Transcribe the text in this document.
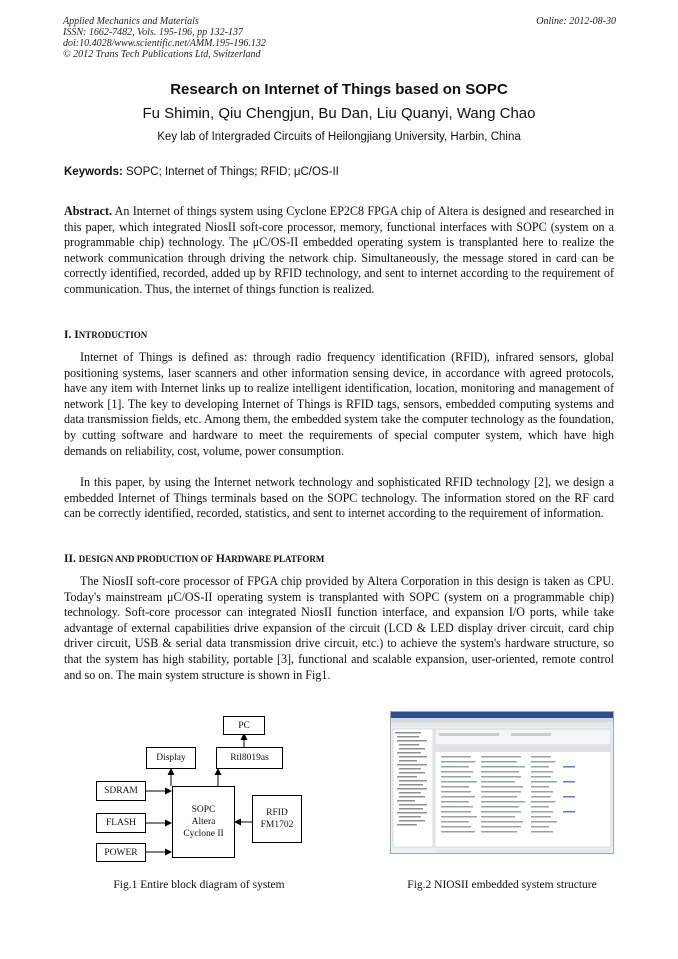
Applied Mechanics and Materials
ISSN: 1662-7482, Vols. 195-196, pp 132-137
doi:10.4028/www.scientific.net/AMM.195-196.132
© 2012 Trans Tech Publications Ltd, Switzerland
Online: 2012-08-30
Research on Internet of Things based on SOPC
Fu Shimin, Qiu Chengjun, Bu Dan, Liu Quanyi, Wang Chao
Key lab of Intergraded Circuits of Heilongjiang University, Harbin, China
Keywords: SOPC; Internet of Things; RFID; μC/OS-II

Abstract. An Internet of things system using Cyclone EP2C8 FPGA chip of Altera is designed and researched in this paper, which integrated NiosII soft-core processor, memory, functional interfaces with SOPC (system on a programmable chip) technology. The μC/OS-II embedded operating system is transplanted here to realize the network communication through driving the network chip. Simultaneously, the message stored in card can be correctly identified, recorded, added up by RFID technology, and sent to internet according to the requirement of communication. Thus, the internet of things function is realized.

I. INTRODUCTION

Internet of Things is defined as: through radio frequency identification (RFID), infrared sensors, global positioning systems, laser scanners and other information sensing device, in accordance with agreed protocols, have any item with Internet links up to realize intelligent identification, location, monitoring and management of network [1]. The key to developing Internet of Things is RFID tags, sensors, embedded computing systems and data transmission fields, etc. Among them, the embedded system take the computer technology as the foundation, by cutting software and hardware to meet the requirements of special computer system, which have high demands on reliability, cost, volume, power consumption.

In this paper, by using the Internet network technology and sophisticated RFID technology [2], we design a embedded Internet of Things terminals based on the SOPC technology. The information stored on the RF card can be correctly identified, recorded, statistics, and sent to internet according to the requirement of information.

II. DESIGN AND PRODUCTION OF HARDWARE PLATFORM

The NiosII soft-core processor of FPGA chip provided by Altera Corporation in this design is taken as CPU. Today's mainstream μC/OS-II operating system is transplanted with SOPC (system on a programmable chip) technology. Soft-core processor can integrated NiosII function interface, and expansion I/O ports, while take advantage of external capabilities drive expansion of the circuit (LCD & LED display driver circuit, card chip driver circuit, USB & serial data transmission drive circuit, etc.) to achieve the system's hardware structure, so that the system has high stability, portable [3], functional and scalable expansion, user-oriented, remote control and so on. The main system structure is shown in Fig1.

PC
Display	Rtl8019as
SDRAM
FLASH
POWER
SOPC
Altera
Cyclone II
RFID
FM1702
Fig.1 Entire block diagram of system	Fig.2 NIOSII embedded system structure
